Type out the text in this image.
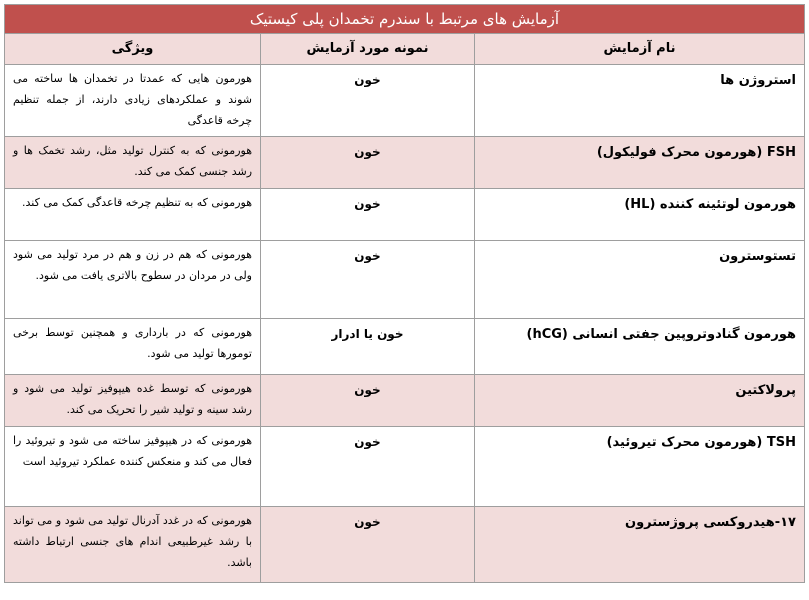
آزمایش های مرتبط با سندرم تخمدان پلی کیستیک		
نام آزمایش	نمونه مورد آزمایش	ویژگی
استروژن ها	خون	هورمون هایی که عمدتا در تخمدان ها ساخته می شوند و عملکردهای زیادی دارند، از جمله تنظیم چرخه قاعدگی
FSH (هورمون محرک فولیکول)	خون	هورمونی که به کنترل تولید مثل، رشد تخمک ها و رشد جنسی کمک می کند.
هورمون لوتئینه کننده (HL)	خون	هورمونی که به تنظیم چرخه قاعدگی کمک می کند.
تستوسترون	خون	هورمونی که هم در زن و هم در مرد تولید می شود ولی در مردان در سطوح بالاتری یافت می شود.
هورمون گنادوتروپین جفتی انسانی (hCG)	خون یا ادرار	هورمونی که در بارداری و همچنین توسط برخی تومورها تولید می شود.
پرولاکتین	خون	هورمونی که توسط غده هیپوفیز تولید می شود و رشد سینه و تولید شیر را تحریک می کند.
TSH (هورمون محرک تیروئید)	خون	هورمونی که در هیپوفیز ساخته می شود و تیروئید را فعال می کند و منعکس کننده عملکرد تیروئید است
۱۷-هیدروکسی پروژسترون	خون	هورمونی که در غدد آدرنال تولید می شود و می تواند با رشد غیرطبیعی اندام های جنسی ارتباط داشته باشد.
